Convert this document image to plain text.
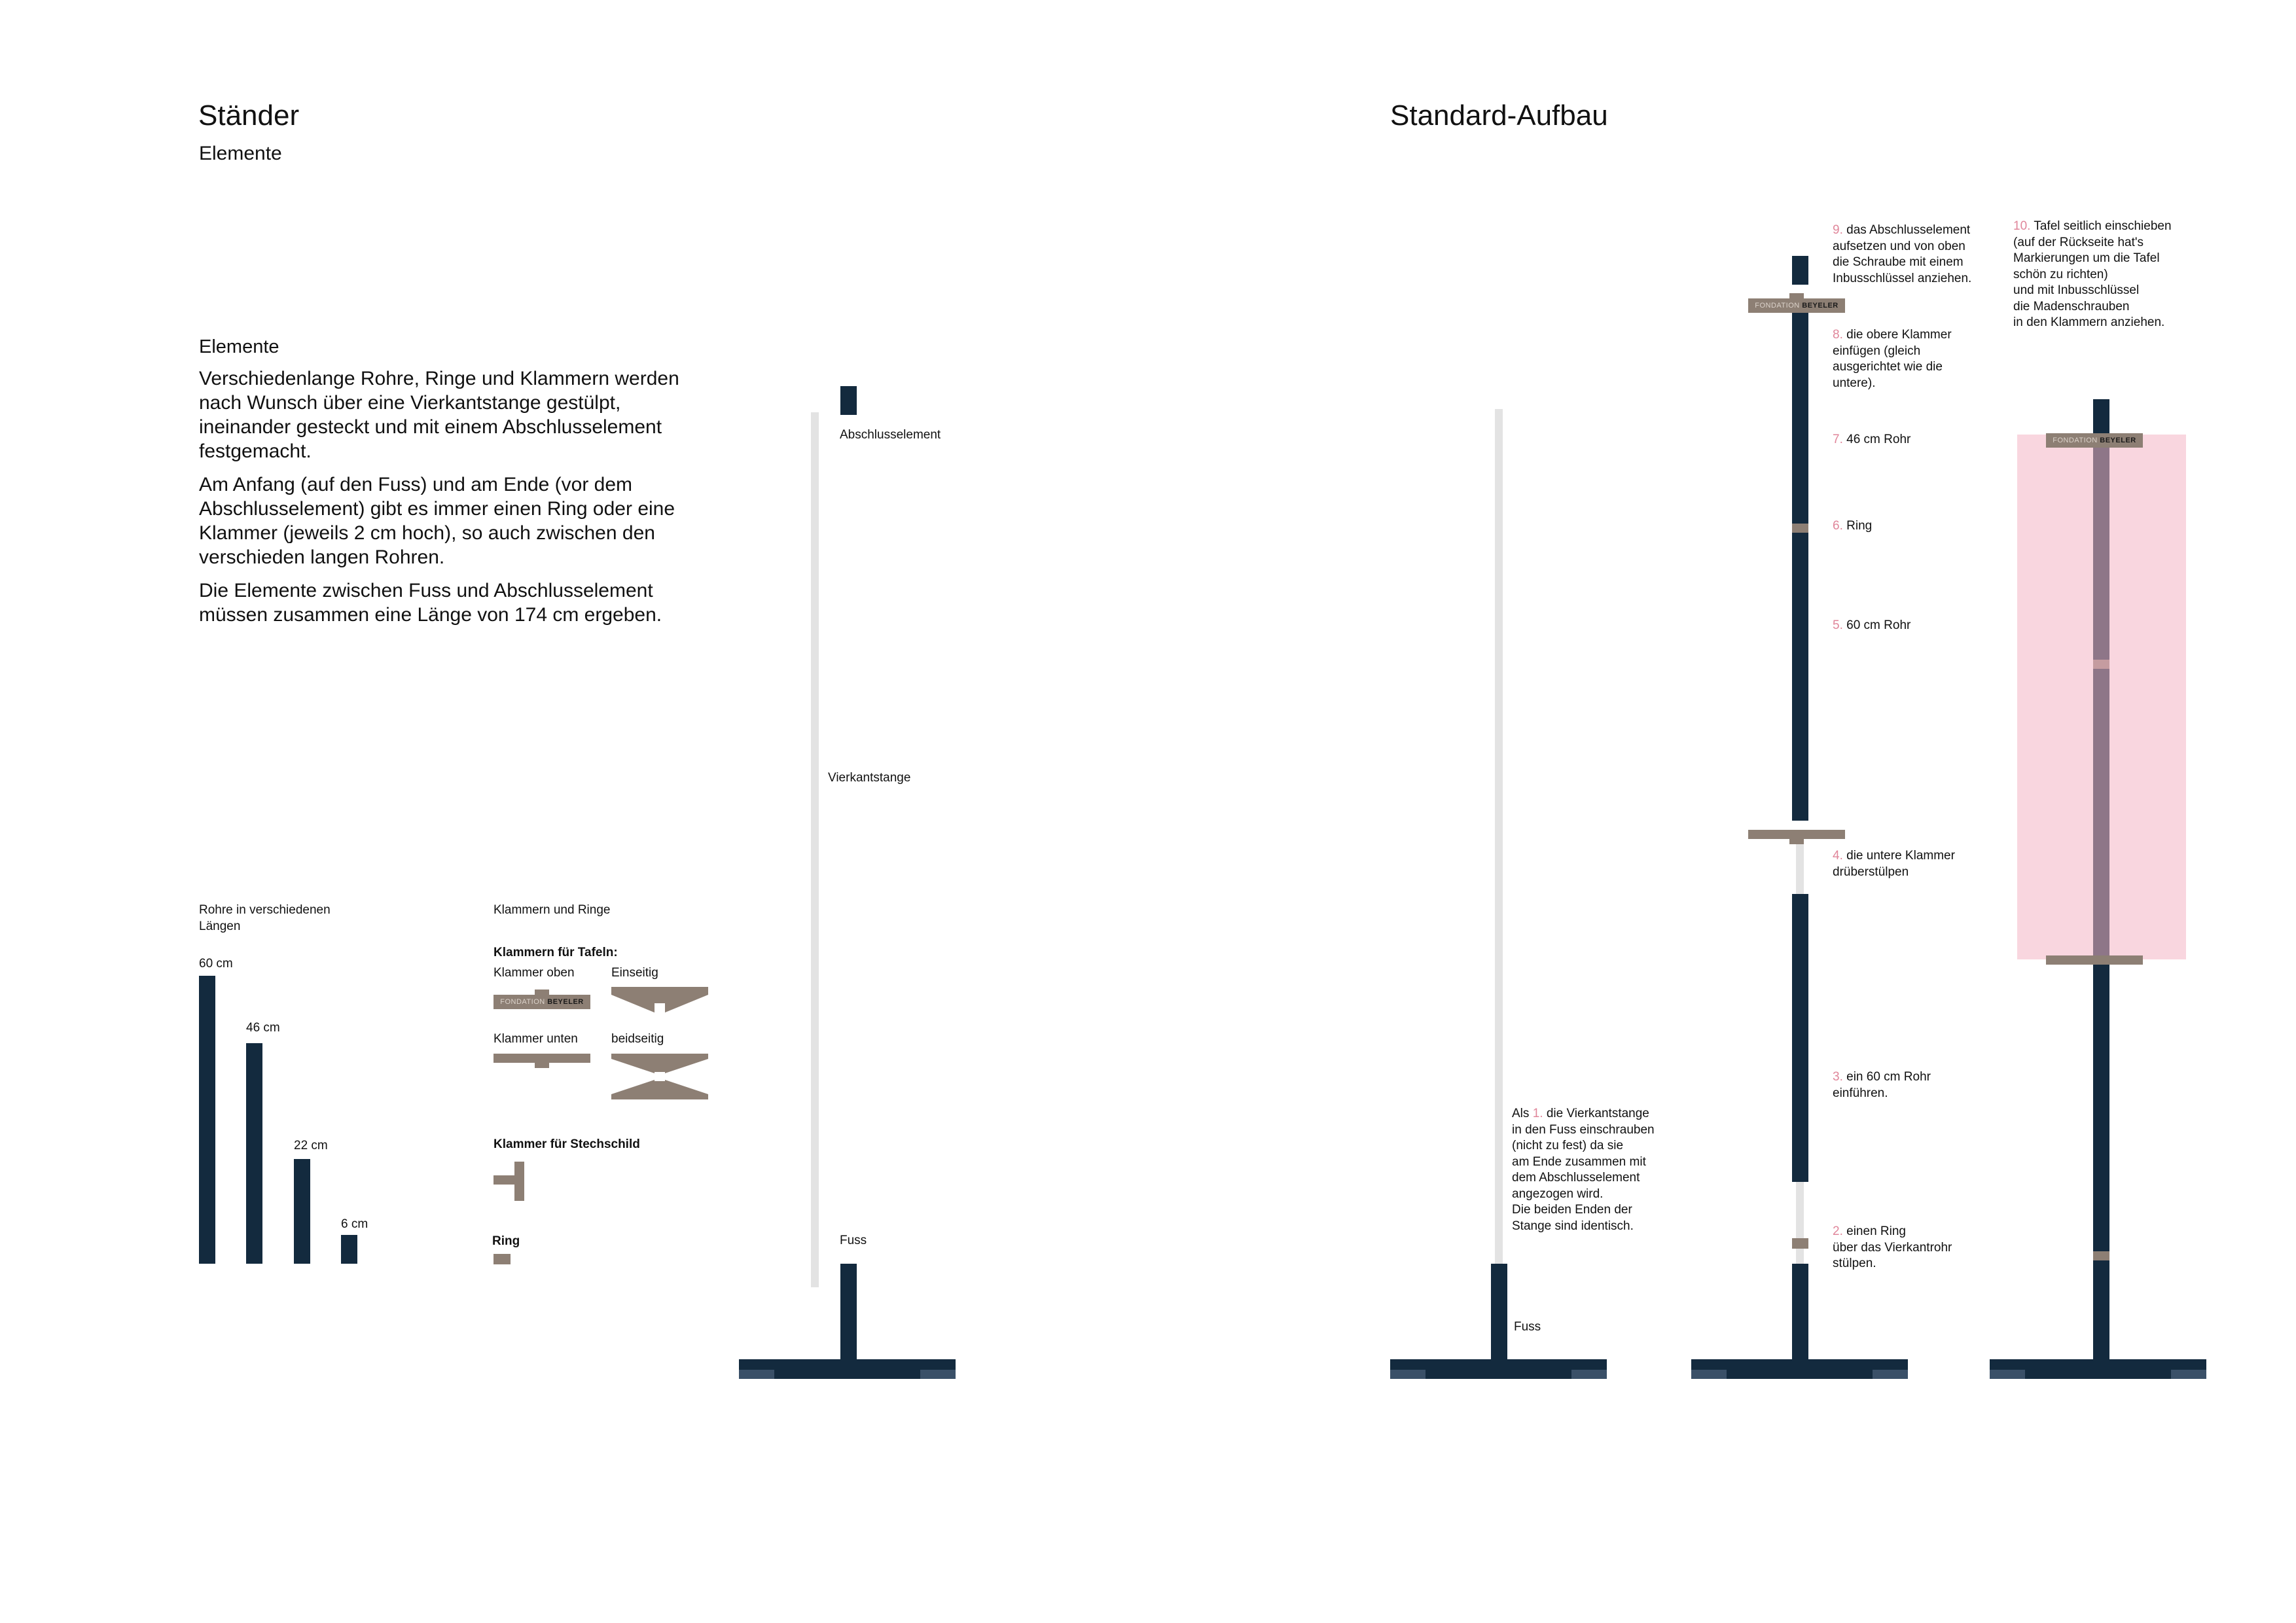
Ständer
Elemente
Elemente

Verschiedenlange Rohre, Ringe und Klammern werden nach Wunsch über eine Vierkantstange gestülpt, ineinander gesteckt und mit einem Abschlusselement festgemacht.

Am Anfang (auf den Fuss) und am Ende (vor dem Abschlusselement) gibt es immer einen Ring oder eine Klammer (jeweils 2 cm hoch), so auch zwischen den verschieden langen Rohren.

Die Elemente zwischen Fuss und Abschlusselement müssen zusammen eine Länge von 174 cm ergeben.

Rohre in verschiedenen Längen
60 cm
46 cm
22 cm
6 cm
Klammern und Ringe
Klammern für Tafeln:
Klammer oben
FONDATION BEYELER
Einseitig
Klammer unten	beidseitig
Klammer für Stechschild
Ring
Abschlusselement
Vierkantstange
Fuss
Standard-Aufbau
Fuss
Als 1. die Vierkantstange
in den Fuss einschrauben
(nicht zu fest) da sie
am Ende zusammen mit
dem Abschlusselement
angezogen wird.
Die beiden Enden der
Stange sind identisch.
FONDATION BEYELER
9. das Abschlusselement
aufsetzen und von oben
die Schraube mit einem
Inbusschlüssel anziehen.
8. die obere Klammer
einfügen (gleich
ausgerichtet wie die
untere).
7. 46 cm Rohr
6. Ring
5. 60 cm Rohr
4. die untere Klammer
drüberstülpen
3. ein 60 cm Rohr
einführen.
2. einen Ring
über das Vierkantrohr
stülpen.
FONDATION BEYELER
10. Tafel seitlich einschieben
(auf der Rückseite hat's
Markierungen um die Tafel
schön zu richten)
und mit Inbusschlüssel
die Madenschrauben
in den Klammern anziehen.
